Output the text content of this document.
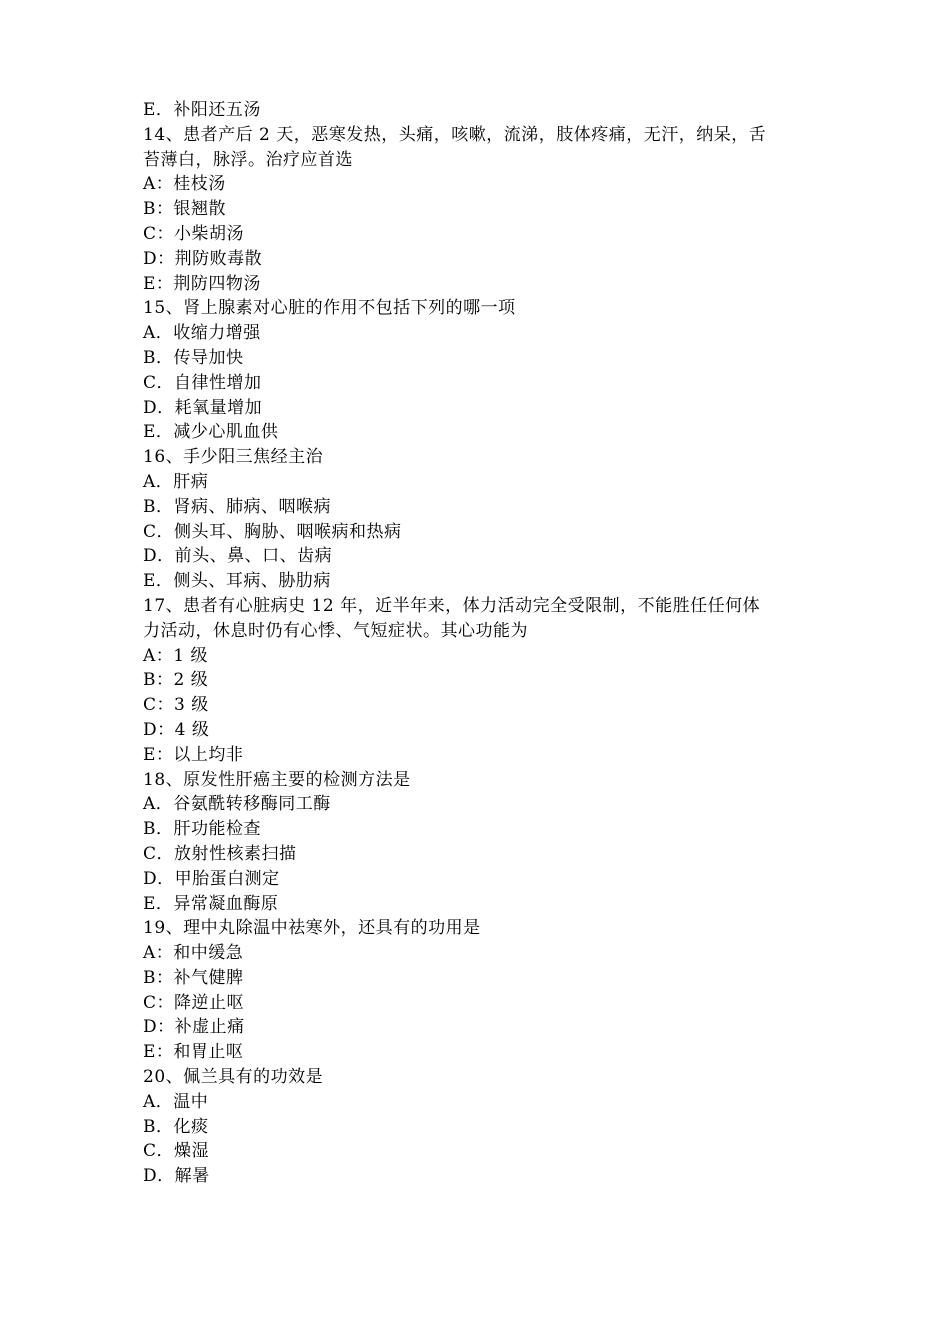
E．补阳还五汤
14、患者产后 2 天，恶寒发热，头痛，咳嗽，流涕，肢体疼痛，无汗，纳呆，舌
苔薄白，脉浮。治疗应首选
A：桂枝汤
B：银翘散
C：小柴胡汤
D：荆防败毒散
E：荆防四物汤
15、肾上腺素对心脏的作用不包括下列的哪一项
A．收缩力增强
B．传导加快
C．自律性增加
D．耗氧量增加
E．减少心肌血供
16、手少阳三焦经主治
A．肝病
B．肾病、肺病、咽喉病
C．侧头耳、胸胁、咽喉病和热病
D．前头、鼻、口、齿病
E．侧头、耳病、胁肋病
17、患者有心脏病史 12 年，近半年来，体力活动完全受限制，不能胜任任何体
力活动，休息时仍有心悸、气短症状。其心功能为
A：1 级
B：2 级
C：3 级
D：4 级
E：以上均非
18、原发性肝癌主要的检测方法是
A．谷氨酰转移酶同工酶
B．肝功能检查
C．放射性核素扫描
D．甲胎蛋白测定
E．异常凝血酶原
19、理中丸除温中祛寒外，还具有的功用是
A：和中缓急
B：补气健脾
C：降逆止呕
D：补虚止痛
E：和胃止呕
20、佩兰具有的功效是
A．温中
B．化痰
C．燥湿
D．解暑
